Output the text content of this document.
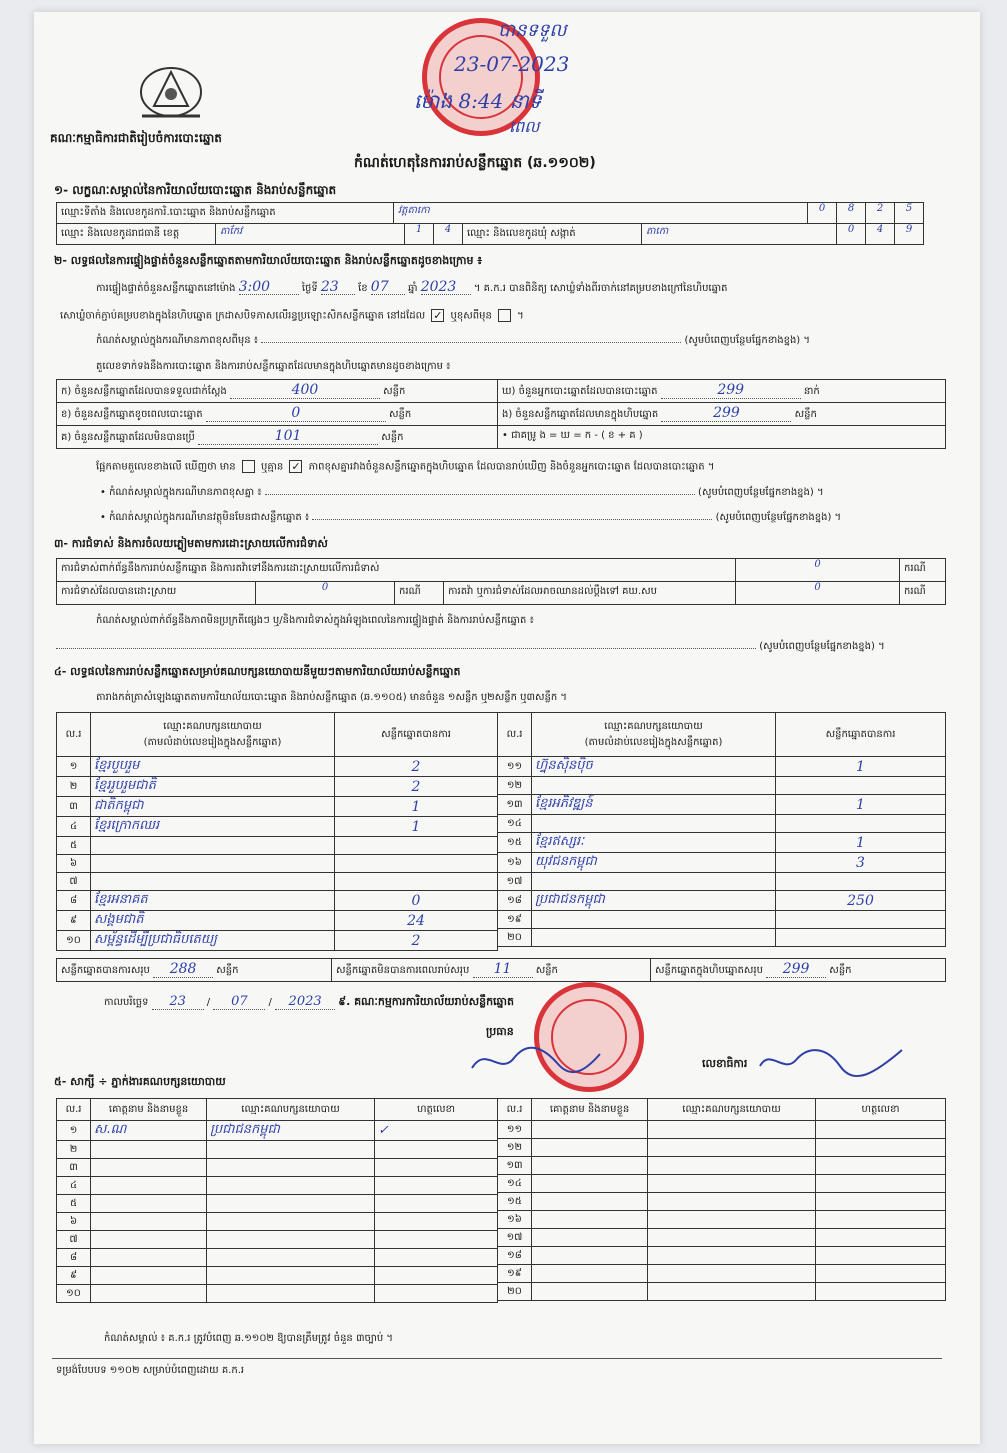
គណៈកម្មាធិការជាតិរៀបចំការបោះឆ្នោត
កំណត់ហេតុនៃការរាប់សន្លឹកឆ្នោត (ឆ.១១០២)
បានទទួល
23-07-2023
ម៉ោង 8:44 នាទី
ពេល
១- លក្ខណៈសម្គាល់នៃការិយាល័យបោះឆ្នោត និងរាប់សន្លឹកឆ្នោត
ឈ្មោះទីតាំង និងលេខកូដការិ.បោះឆ្នោត និងរាប់សន្លឹកឆ្នោត	វត្តតាកោ	0	8	2	5
ឈ្មោះ និងលេខកូដរាជធានី ខេត្ត	តាកែវ	1	4	ឈ្មោះ និងលេខកូដឃុំ សង្កាត់	តាកោ	0	4	9
២- លទ្ធផលនៃការផ្ទៀងផ្ទាត់ចំនួនសន្លឹកឆ្នោតតាមការិយាល័យបោះឆ្នោត និងរាប់សន្លឹកឆ្នោតដូចខាងក្រោម ៖
ការផ្ទៀងផ្ទាត់ចំនួនសន្លឹកឆ្នោតនៅម៉ោង 3:00	ថ្ងៃទី 23 ខែ 07 ឆ្នាំ 2023 ។ គ.ក.រ បានពិនិត្យ សោឃ្លំទាំងពីរចាក់នៅគម្របខាងក្រៅនៃហិបឆ្នោត
សោឃ្លំចាក់ភ្ជាប់គម្របខាងក្នុងនៃហិបឆ្នោត ក្រដាសបិទភាសលើរន្ធប្រឡោះសិកសន្លឹកឆ្នោត នៅដដែល ✓ ឬខុសពីមុន  ។
កំណត់សម្គាល់ក្នុងករណីមានភាពខុសពីមុន ៖	(សូមបំពេញបន្ថែមផ្នែកខាងខ្នង) ។
តួលេខទាក់ទងនឹងការបោះឆ្នោត និងការរាប់សន្លឹកឆ្នោតដែលមានក្នុងហិបឆ្នោតមានដូចខាងក្រោម ៖
ក) ចំនួនសន្លឹកឆ្នោតដែលបានទទួលជាក់ស្តែង	400	សន្លឹក	ឃ) ចំនួនអ្នកបោះឆ្នោតដែលបានបោះឆ្នោត	299	នាក់
ខ) ចំនួនសន្លឹកឆ្នោតខូចពេលបោះឆ្នោត	0	សន្លឹក	ង) ចំនួនសន្លឹកឆ្នោតដែលមានក្នុងហិបឆ្នោត	299	សន្លឹក
គ) ចំនួនសន្លឹកឆ្នោតដែលមិនបានប្រើ	101	សន្លឹក	• ជាគម្រូ ង = ឃ = ក - ( ខ + គ )
ផ្អែកតាមតួលេខខាងលើ ឃើញថា មាន	ឬគ្មាន ✓ ភាពខុសគ្នារវាងចំនួនសន្លឹកឆ្នោតក្នុងហិបឆ្នោត ដែលបានរាប់ឃើញ និងចំនួនអ្នកបោះឆ្នោត ដែលបានបោះឆ្នោត ។
• កំណត់សម្គាល់ក្នុងករណីមានភាពខុសគ្នា ៖	(សូមបំពេញបន្ថែមផ្នែកខាងខ្នង) ។
• កំណត់សម្គាល់ក្នុងករណីមានវត្ថុមិនមែនជាសន្លឹកឆ្នោត ៖	(សូមបំពេញបន្ថែមផ្នែកខាងខ្នង) ។
៣- ការជំទាស់ និងការចំលយភ្លៀមតាមការដោះស្រាយលើការជំទាស់
ការជំទាស់ពាក់ព័ន្ធនឹងការរាប់សន្លឹកឆ្នោត និងការតវ៉ាទៅនឹងការដោះស្រាយលើការជំទាស់	0	ករណី
ការជំទាស់ដែលបានដោះស្រាយ	0	ករណី	ការតវ៉ា ឬការជំទាស់ដែលអាចឈានដល់ប្តឹងទៅ គឃ.សប	0	ករណី
កំណត់សម្គាល់ពាក់ព័ន្ធនឹងភាពមិនប្រក្រតីផ្សេងៗ ឬ/និងការជំទាស់ក្នុងអំឡុងពេលនៃការផ្ទៀងផ្ទាត់ និងការរាប់សន្លឹកឆ្នោត ៖
(សូមបំពេញបន្ថែមផ្នែកខាងខ្នង) ។
៤- លទ្ធផលនៃការរាប់សន្លឹកឆ្នោតសម្រាប់គណបក្សនយោបាយនីមួយៗតាមការិយាល័យរាប់សន្លឹកឆ្នោត
តារាងកត់ត្រាសំឡេងឆ្នោតតាមការិយាល័យបោះឆ្នោត និងរាប់សន្លឹកឆ្នោត (ឆ.១១០៥) មានចំនួន ១សន្លឹក ឬ២សន្លឹក ឬ៣សន្លឹក ។
ល.រ	ឈ្មោះគណបក្សនយោបាយ
(តាមលំដាប់លេខរៀងក្នុងសន្លឹកឆ្នោត)	សន្លឹកឆ្នោតបានការ
១	ខ្មែរបួបរួម	2
២	ខ្មែររួបរួមជាតិ	2
៣	ជាតិកម្ពុជា	1
៤	ខ្មែរក្រោកឈរ	1
៥		
៦		
៧		
៨	ខ្មែរអនាគត	0
៩	សង្គមជាតិ	24
១០	សម្ព័ន្ធដើម្បីប្រជាធិបតេយ្យ	2
ល.រ	ឈ្មោះគណបក្សនយោបាយ
(តាមលំដាប់លេខរៀងក្នុងសន្លឹកឆ្នោត)	សន្លឹកឆ្នោតបានការ
១១	ហ្វ៊ុនស៊ិនប៉ិច	1
១២		
១៣	ខ្មែរអភិវឌ្ឍន៍	1
១៤		
១៥	ខ្មែរឥស្សរៈ	1
១៦	យុវជនកម្ពុជា	3
១៧		
១៨	ប្រជាជនកម្ពុជា	250
១៩		
២០		
សន្លឹកឆ្នោតបានការសរុប 288 សន្លឹក	សន្លឹកឆ្នោតមិនបានការពេលរាប់សរុប 11 សន្លឹក	សន្លឹកឆ្នោតក្នុងហិបឆ្នោតសរុប 299 សន្លឹក
កាលបរិច្ឆេទ 23 / 07 / 2023 ៩. គណៈកម្មការការិយាល័យរាប់សន្លឹកឆ្នោត
ប្រធាន
លេខាធិការ
៥- សាក្សី ÷ ភ្នាក់ងារគណបក្សនយោបាយ
ល.រ	គោត្តនាម និងនាមខ្លួន	ឈ្មោះគណបក្សនយោបាយ	ហត្ថលេខា
១	ស.ណ	ប្រជាជនកម្ពុជា	✓
២			
៣			
៤			
៥			
៦			
៧			
៨			
៩			
១០			
ល.រ	គោត្តនាម និងនាមខ្លួន	ឈ្មោះគណបក្សនយោបាយ	ហត្ថលេខា
១១			
១២			
១៣			
១៤			
១៥			
១៦			
១៧			
១៨			
១៩			
២០			
កំណត់សម្គាល់ ៖ គ.ក.រ ត្រូវបំពេញ ឆ.១១០២ ឱ្យបានត្រឹមត្រូវ ចំនួន ៣ច្បាប់ ។
ទម្រង់បែបបទ ១១០២ សម្រាប់បំពេញដោយ គ.ក.រ
